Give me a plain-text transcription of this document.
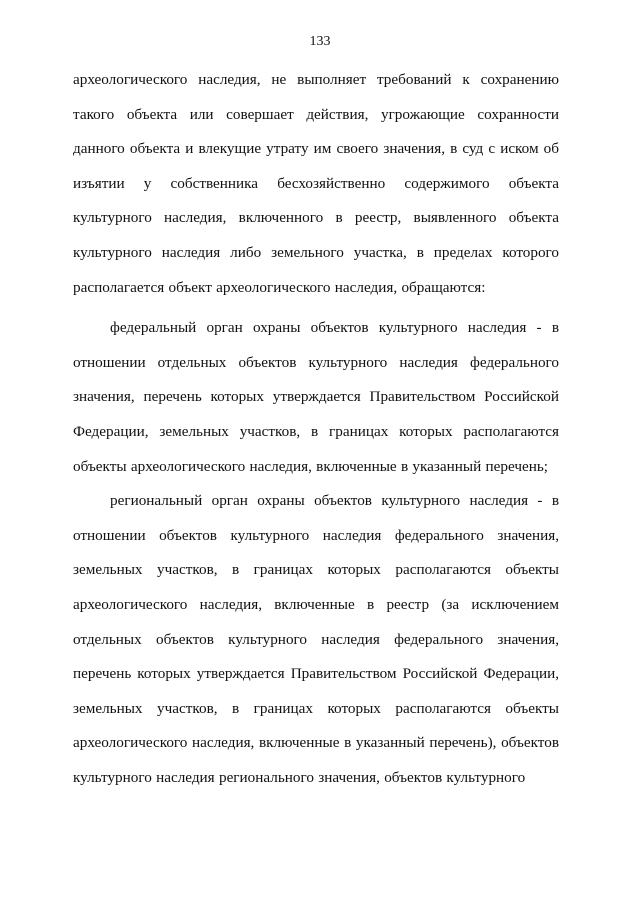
133

археологического наследия, не выполняет требований к сохранению такого объекта или совершает действия, угрожающие сохранности данного объекта и влекущие утрату им своего значения, в суд с иском об изъятии у собственника бесхозяйственно содержимого объекта культурного наследия, включенного в реестр, выявленного объекта культурного наследия либо земельного участка, в пределах которого располагается объект археологического наследия, обращаются:

федеральный орган охраны объектов культурного наследия - в отношении отдельных объектов культурного наследия федерального значения, перечень которых утверждается Правительством Российской Федерации, земельных участков, в границах которых располагаются объекты археологического наследия, включенные в указанный перечень;

региональный орган охраны объектов культурного наследия - в отношении объектов культурного наследия федерального значения, земельных участков, в границах которых располагаются объекты археологического наследия, включенные в реестр (за исключением отдельных объектов культурного наследия федерального значения, перечень которых утверждается Правительством Российской Федерации, земельных участков, в границах которых располагаются объекты археологического наследия, включенные в указанный перечень), объектов культурного наследия регионального значения, объектов культурного
